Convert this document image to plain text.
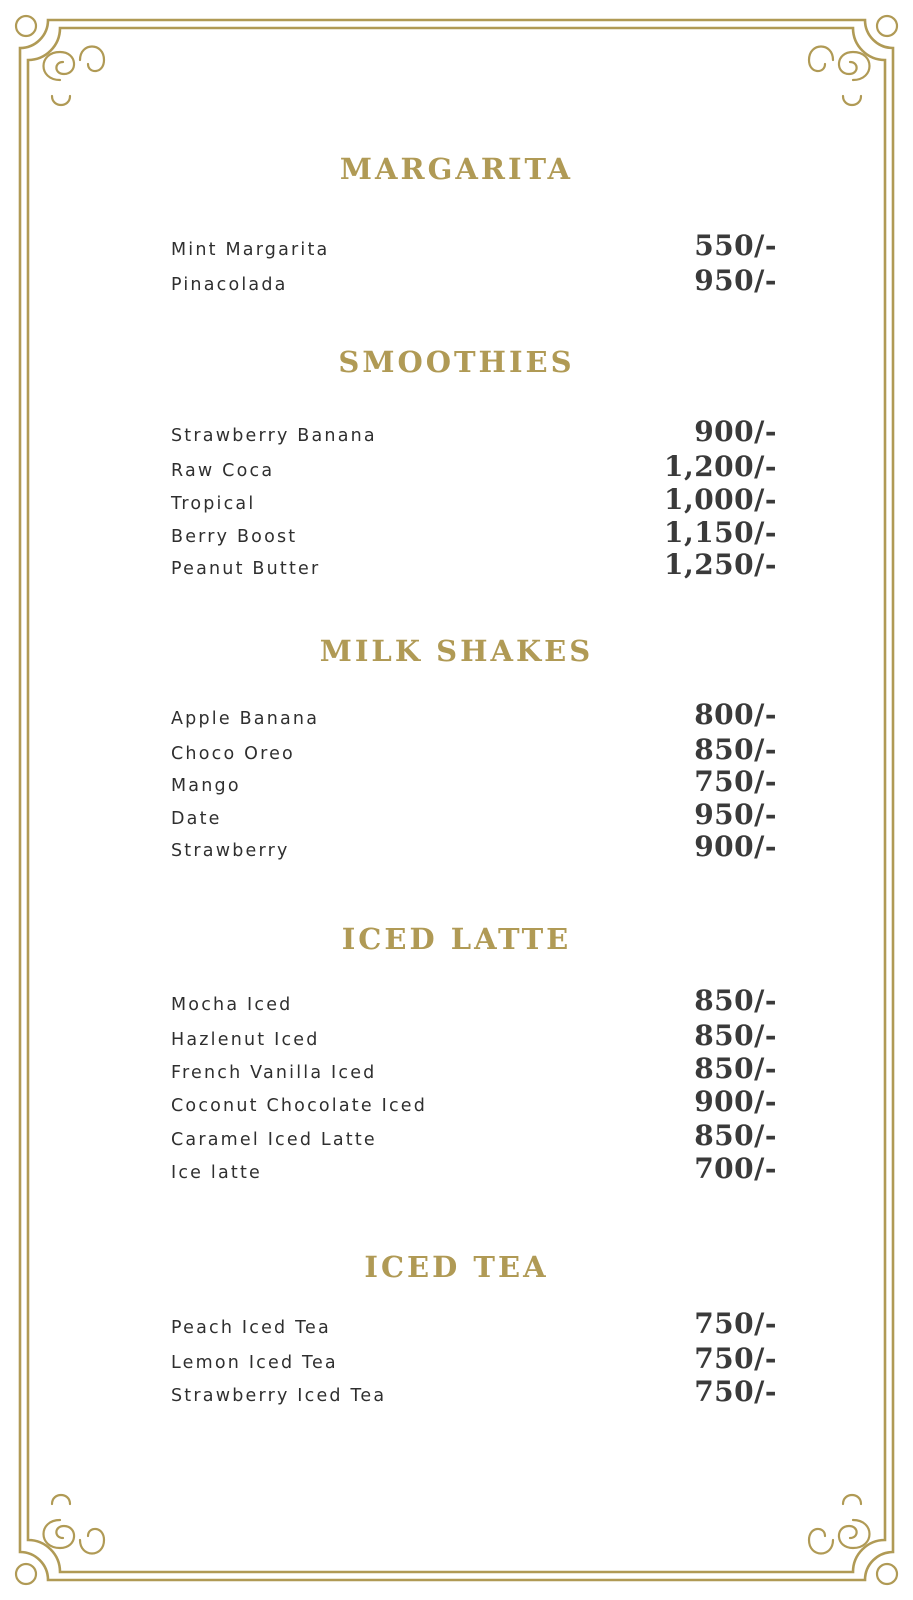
MARGARITA
Mint Margarita	550/-
Pinacolada	950/-
SMOOTHIES
Strawberry Banana	900/-
Raw Coca	1,200/-
Tropical	1,000/-
Berry Boost	1,150/-
Peanut Butter	1,250/-
MILK SHAKES
Apple Banana	800/-
Choco Oreo	850/-
Mango	750/-
Date	950/-
Strawberry	900/-
ICED LATTE
Mocha Iced	850/-
Hazlenut Iced	850/-
French Vanilla Iced	850/-
Coconut Chocolate Iced	900/-
Caramel Iced Latte	850/-
Ice latte	700/-
ICED TEA
Peach Iced Tea	750/-
Lemon Iced Tea	750/-
Strawberry Iced Tea	750/-
